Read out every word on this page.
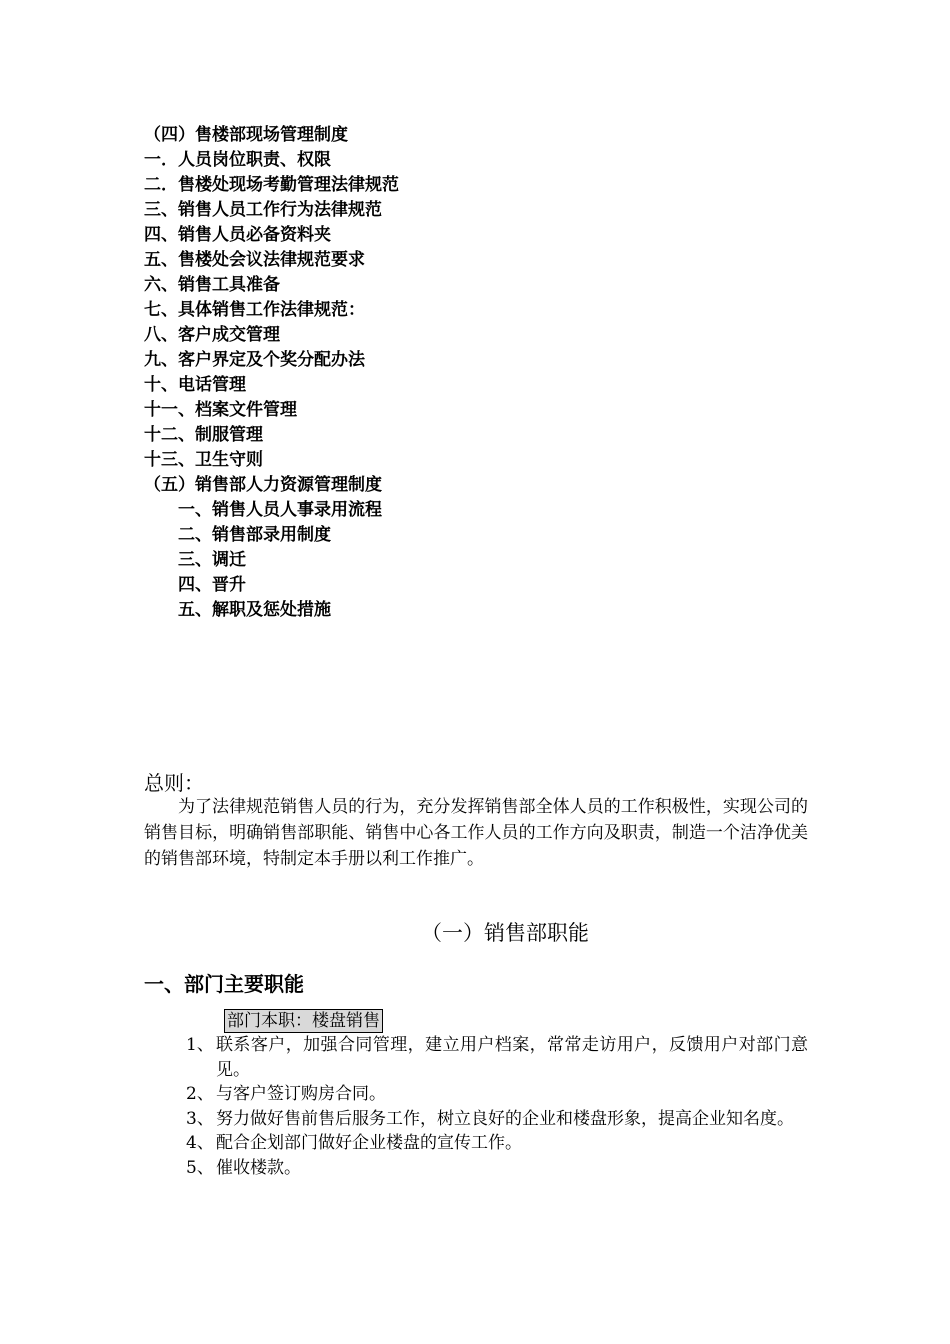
（四）售楼部现场管理制度
一．人员岗位职责、权限
二．售楼处现场考勤管理法律规范
三、销售人员工作行为法律规范
四、销售人员必备资料夹
五、售楼处会议法律规范要求
六、销售工具准备
七、具体销售工作法律规范：
八、客户成交管理
九、客户界定及个奖分配办法
十、电话管理
十一、档案文件管理
十二、制服管理
十三、卫生守则
（五）销售部人力资源管理制度
一、销售人员人事录用流程
二、销售部录用制度
三、调迁
四、晋升
五、解职及惩处措施
总则：
为了法律规范销售人员的行为，充分发挥销售部全体人员的工作积极性，实现公司的销售目标，明确销售部职能、销售中心各工作人员的工作方向及职责，制造一个洁净优美的销售部环境，特制定本手册以利工作推广。
（一）销售部职能
一、部门主要职能
部门本职：楼盘销售
1、 联系客户，加强合同管理，建立用户档案，常常走访用户，反馈用户对部门意见。
2、 与客户签订购房合同。
3、 努力做好售前售后服务工作，树立良好的企业和楼盘形象，提高企业知名度。
4、 配合企划部门做好企业楼盘的宣传工作。
5、 催收楼款。
